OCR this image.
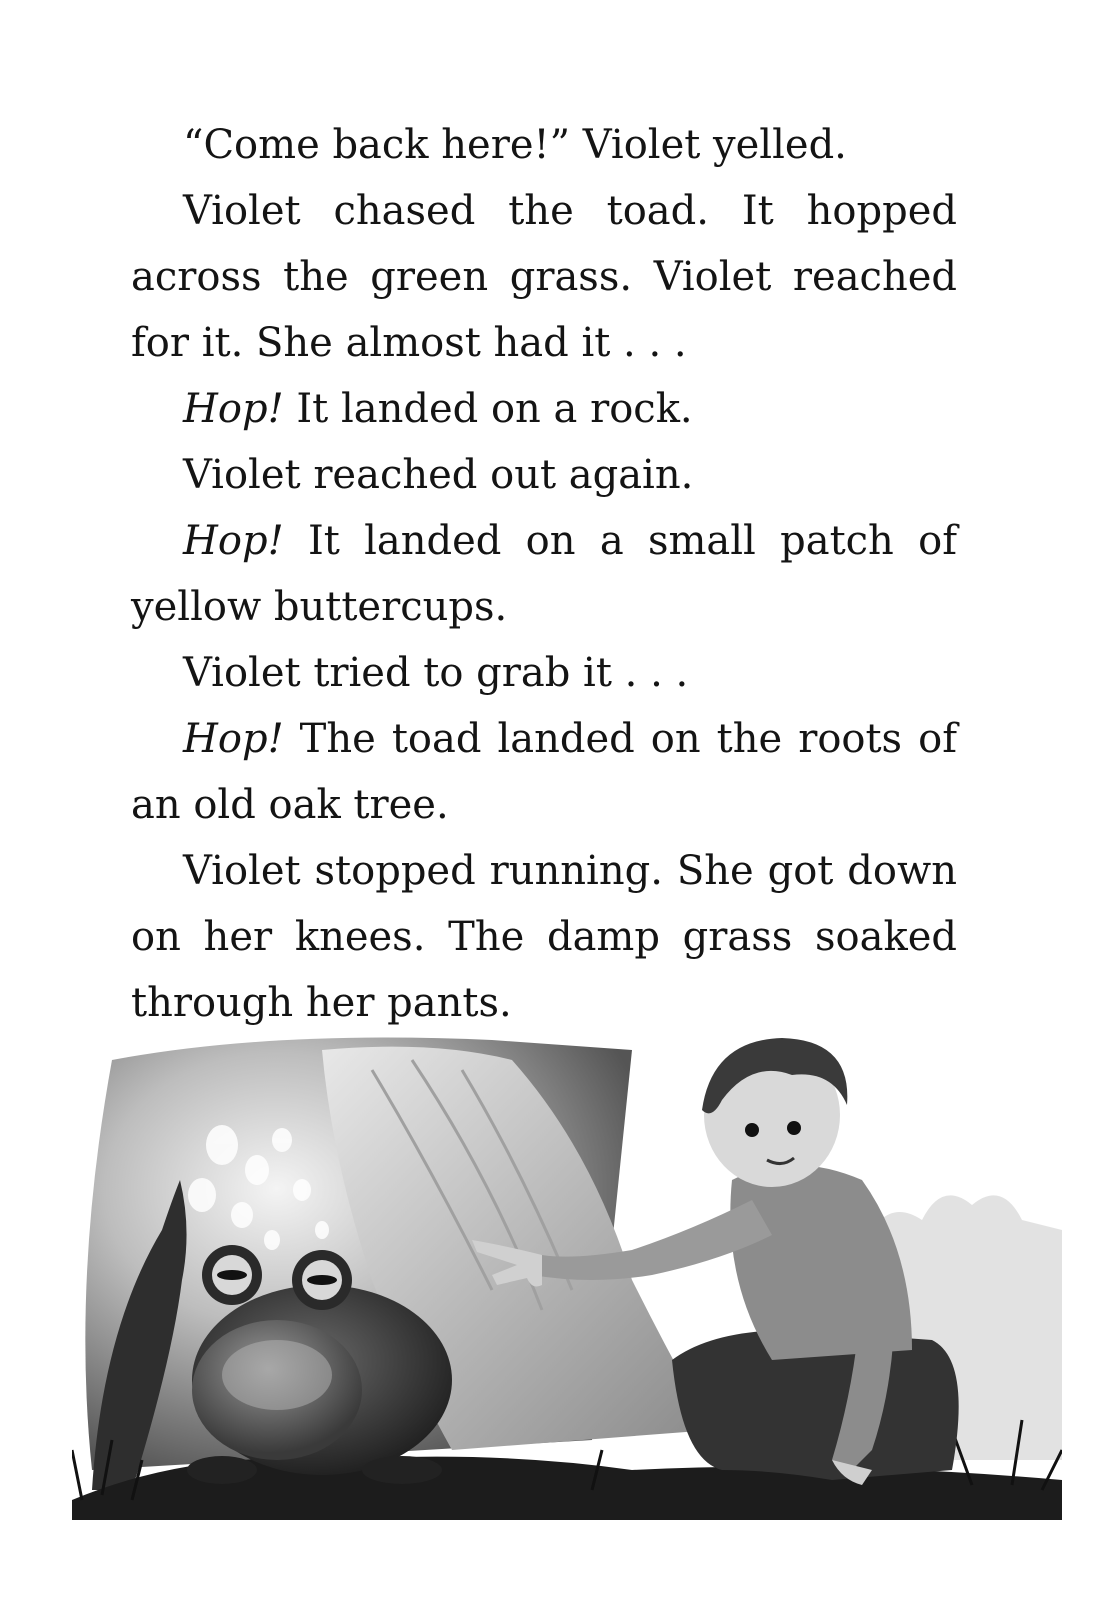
“Come back here!” Violet yelled.

Violet chased the toad. It hopped across the green grass. Violet reached for it. She almost had it . . .

Hop! It landed on a rock.

Violet reached out again.

Hop! It landed on a small patch of yellow buttercups.

Violet tried to grab it . . .

Hop! The toad landed on the roots of an old oak tree.

Violet stopped running. She got down on her knees. The damp grass soaked through her pants.
